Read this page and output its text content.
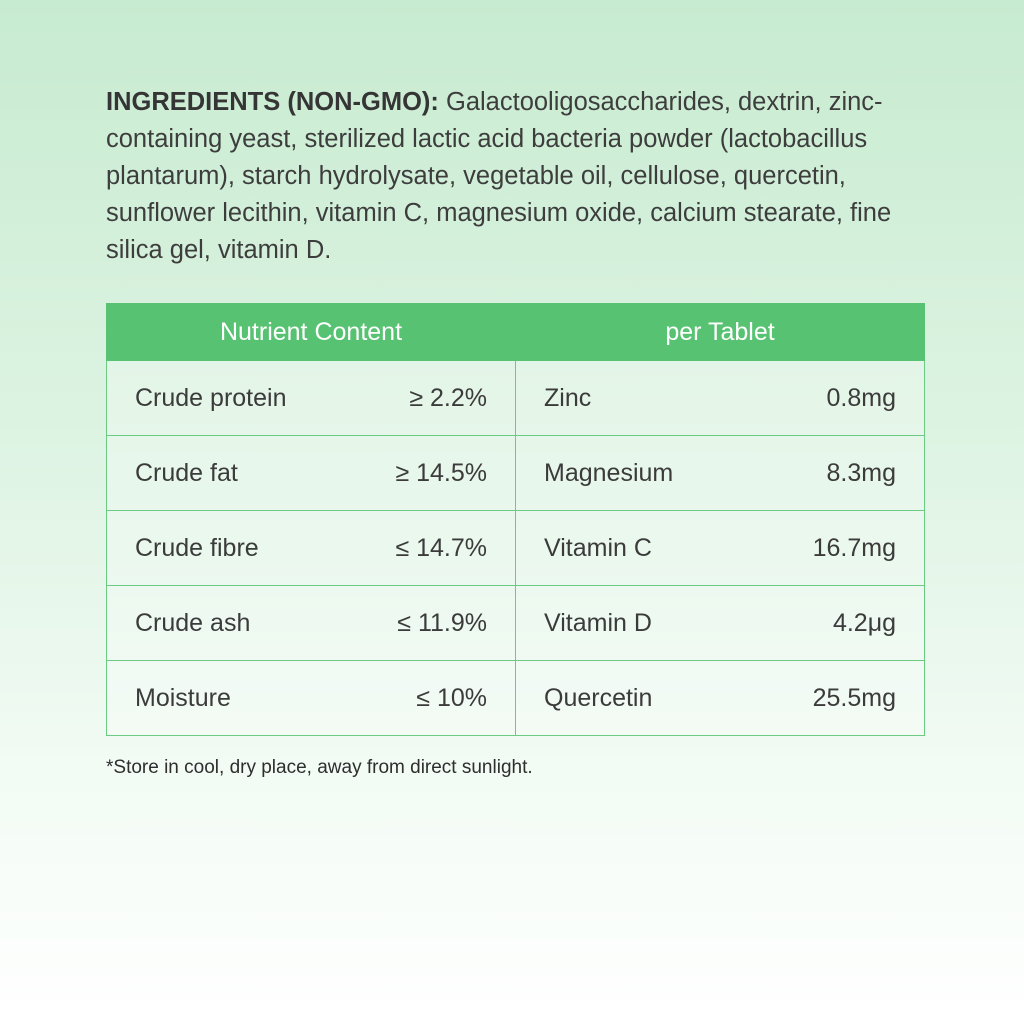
INGREDIENTS (NON-GMO): Galactooligosaccharides, dextrin, zinc-containing yeast, sterilized lactic acid bacteria powder (lactobacillus plantarum), starch hydrolysate, vegetable oil, cellulose, quercetin, sunflower lecithin, vitamin C, magnesium oxide, calcium stearate, fine silica gel, vitamin D.

Nutrient Content	per Tablet

Crude protein ≥ 2.2%	Zinc 0.8mg

Crude fat ≥ 14.5%	Magnesium 8.3mg

Crude fibre ≤ 14.7%	Vitamin C 16.7mg

Crude ash ≤ 11.9%	Vitamin D 4.2μg

Moisture ≤ 10%	Quercetin 25.5mg

*Store in cool, dry place, away from direct sunlight.
